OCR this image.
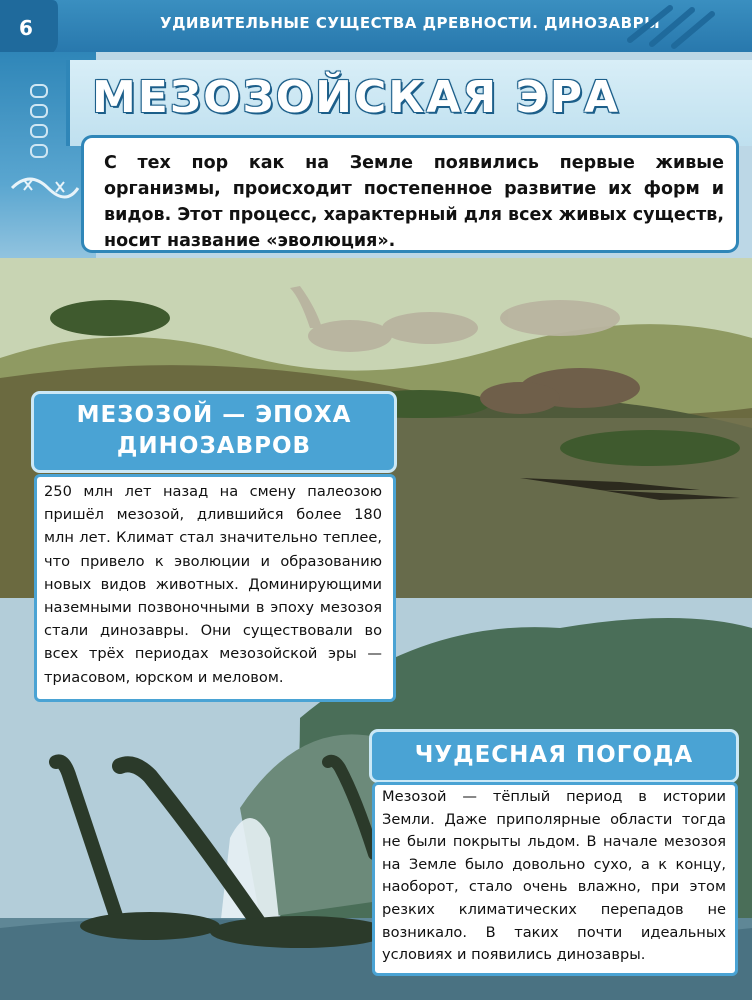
6	УДИВИТЕЛЬНЫЕ СУЩЕСТВА ДРЕВНОСТИ. ДИНОЗАВРЫ
МЕЗОЗОЙСКАЯ ЭРА
С тех пор как на Земле появились первые живые организмы, происходит постепенное развитие их форм и видов. Этот процесс, характерный для всех живых существ, носит название «эволюция».
МЕЗОЗОЙ — ЭПОХА
ДИНОЗАВРОВ
250 млн лет назад на смену палеозою пришёл мезозой, длившийся более 180 млн лет. Климат стал значительно теплее, что привело к эволюции и образованию новых видов животных. Доминирующими наземными позвоночными в эпоху мезозоя стали динозавры. Они существовали во всех трёх периодах мезозойской эры — триасовом, юрском и меловом.
ЧУДЕСНАЯ ПОГОДА
Мезозой — тёплый период в истории Земли. Даже приполярные области тогда не были покрыты льдом. В начале мезозоя на Земле было довольно сухо, а к концу, наоборот, стало очень влажно, при этом резких климатических перепадов не возникало. В таких почти идеальных условиях и появились динозавры.
